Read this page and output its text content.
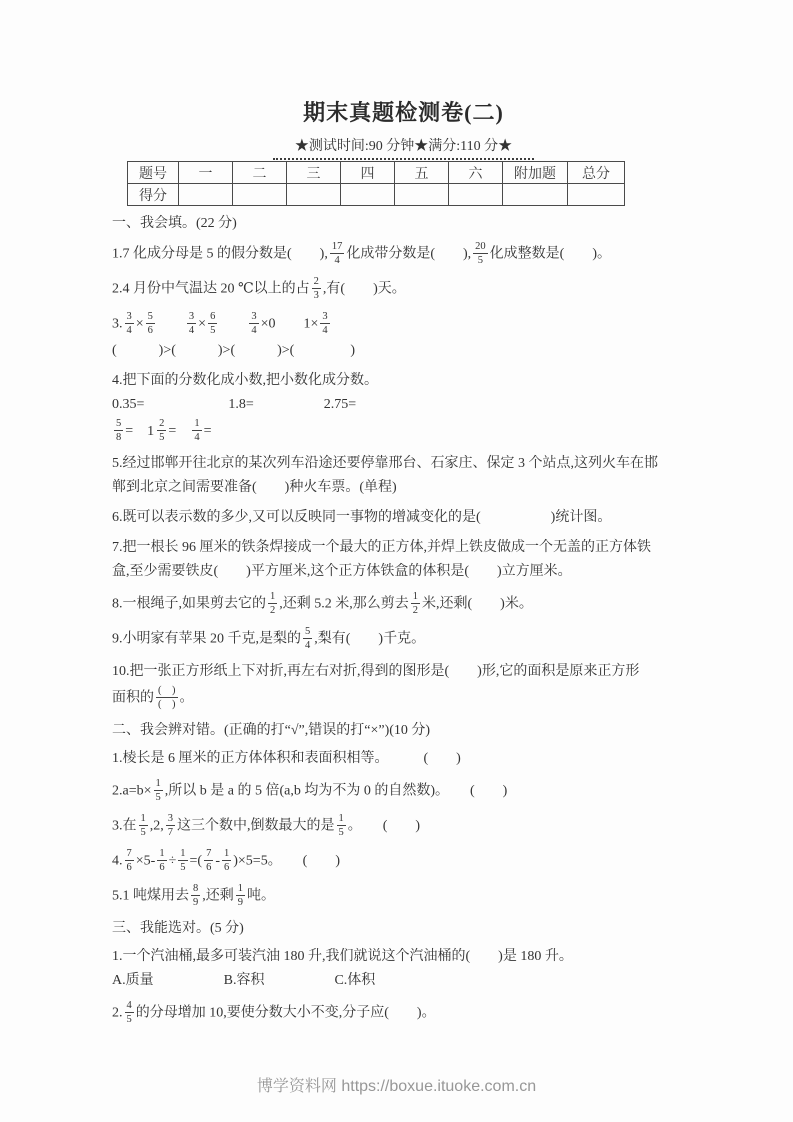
期末真题检测卷(二)
★测试时间:90 分钟★满分:110 分★
题号	一	二	三	四	五	六	附加题	总分
得分								
一、我会填。(22 分)
1.7 化成分母是 5 的假分数是(　　), $\frac{17}{4}$ 化成带分数是(　　), $\frac{20}{5}$ 化成整数是(　　)。
2.4 月份中气温达 20 ℃以上的占 $\frac{2}{3}$ ,有(　　)天。
3. $\frac{3}{4} \times \frac{5}{6}$
　　	$\frac{3}{4} \times \frac{6}{5}$
　　	$\frac{3}{4} \times 0$　　$1\times \frac{3}{4}$
(　　　)>(　　　)>(　　　)>(　　　　)
4.把下面的分数化成小数,把小数化成分数。
0.35=　　　　　　1.8=　　　　　2.75=
$\frac{5}{8}$ =　$1 \frac{2}{5}$ =　 $\frac{1}{4}$ =
5.经过邯郸开往北京的某次列车沿途还要停靠邢台、石家庄、保定 3 个站点,这列火车在邯
郸到北京之间需要准备(　　)种火车票。(单程)
6.既可以表示数的多少,又可以反映同一事物的增减变化的是(　　　　　)统计图。
7.把一根长 96 厘米的铁条焊接成一个最大的正方体,并焊上铁皮做成一个无盖的正方体铁
盒,至少需要铁皮(　　)平方厘米,这个正方体铁盒的体积是(　　)立方厘米。
8.一根绳子,如果剪去它的 $\frac{1}{2}$ ,还剩 5.2 米,那么剪去 $\frac{1}{2}$ 米,还剩(　　)米。
9.小明家有苹果 20 千克,是梨的 $\frac{5}{4}$ ,梨有(　　)千克。
10.把一张正方形纸上下对折,再左右对折,得到的图形是(　　)形,它的面积是原来正方形
面积的 $\frac{( )}{( )}$ 。
二、我会辨对错。(正确的打“√”,错误的打“×”)(10 分)
1.棱长是 6 厘米的正方体体积和表面积相等。　　　(　　)
$2.a=b\times \frac{1}{5}$ ,所以 b 是 a 的 5 倍(a,b 均为不为 0 的自然数)。　　(　　)
3.在 $\frac{1}{5} ,2$, $\frac{3}{7}$ 这三个数中,倒数最大的是 $\frac{1}{5}$ 。　　(　　)
4. $\frac{7}{6} \times 5- \frac{1}{6} \div \frac{1}{5}$ =( $\frac{7}{6} - \frac{1}{6} )\times 5=5$。　　(　　)
5.1 吨煤用去 $\frac{8}{9}$ ,还剩 $\frac{1}{9}$ 吨。
三、我能选对。(5 分)
1.一个汽油桶,最多可装汽油 180 升,我们就说这个汽油桶的(　　)是 180 升。
A.质量　　　　　B.容积　　　　　C.体积
2. $\frac{4}{5}$ 的分母增加 10,要使分数大小不变,分子应(　　)。
博学资料网 https://boxue.ituoke.com.cn
